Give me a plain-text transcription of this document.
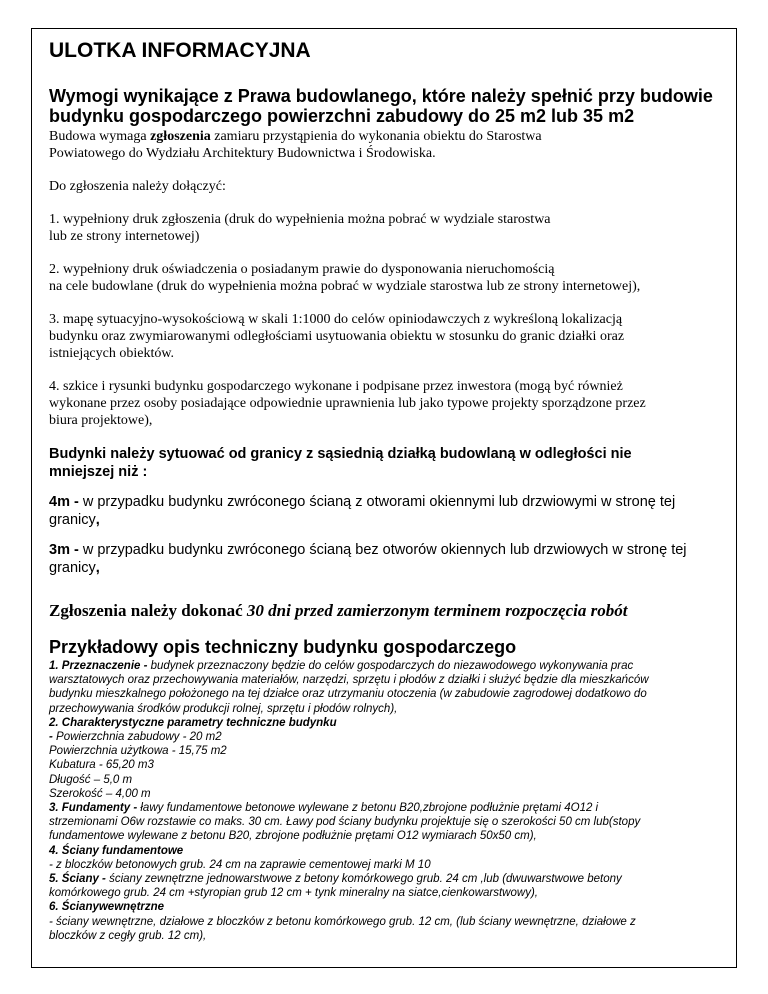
ULOTKA INFORMACYJNA
Wymogi wynikające z Prawa budowlanego, które należy spełnić przy budowie budynku gospodarczego powierzchni zabudowy do 25 m2 lub 35 m2

Budowa wymaga zgłoszenia zamiaru przystąpienia do wykonania obiektu do Starostwa
Powiatowego do Wydziału Architektury Budownictwa i Środowiska.

Do zgłoszenia należy dołączyć:

1. wypełniony druk zgłoszenia (druk do wypełnienia można pobrać w wydziale starostwa
lub ze strony internetowej)

2. wypełniony druk oświadczenia o posiadanym prawie do dysponowania nieruchomością
na cele budowlane (druk do wypełnienia można pobrać w wydziale starostwa lub ze strony internetowej),

3. mapę sytuacyjno-wysokościową w skali 1:1000 do celów opiniodawczych z wykreśloną lokalizacją
budynku oraz zwymiarowanymi odległościami usytuowania obiektu w stosunku do granic działki oraz
istniejących obiektów.

4. szkice i rysunki budynku gospodarczego wykonane i podpisane przez inwestora (mogą być również
wykonane przez osoby posiadające odpowiednie uprawnienia lub jako typowe projekty sporządzone przez
biura projektowe),

Budynki należy sytuować od granicy z sąsiednią działką budowlaną w odległości nie
mniejszej niż :

4m - w przypadku budynku zwróconego ścianą z otworami okiennymi lub drzwiowymi w stronę tej
granicy,

3m - w przypadku budynku zwróconego ścianą bez otworów okiennych lub drzwiowych w stronę tej
granicy,

Zgłoszenia należy dokonać 30 dni przed zamierzonym terminem rozpoczęcia robót

Przykładowy opis techniczny budynku gospodarczego
1. Przeznaczenie - budynek przeznaczony będzie do celów gospodarczych do niezawodowego wykonywania prac
warsztatowych oraz przechowywania materiałów, narzędzi, sprzętu i płodów z działki i służyć będzie dla mieszkańców
budynku mieszkalnego położonego na tej działce oraz utrzymaniu otoczenia (w zabudowie zagrodowej dodatkowo do
przechowywania środków produkcji rolnej, sprzętu i płodów rolnych),
2. Charakterystyczne parametry techniczne budynku
- Powierzchnia zabudowy - 20 m2
Powierzchnia użytkowa - 15,75 m2
Kubatura - 65,20 m3
Długość – 5,0 m
Szerokość – 4,00 m
3. Fundamenty - ławy fundamentowe betonowe wylewane z betonu B20,zbrojone podłużnie prętami 4O12 i
strzemionami O6w rozstawie co maks. 30 cm. Ławy pod ściany budynku projektuje się o szerokości 50 cm lub(stopy
fundamentowe wylewane z betonu B20, zbrojone podłużnie prętami O12 wymiarach 50x50 cm),
4. Ściany fundamentowe
- z bloczków betonowych grub. 24 cm na zaprawie cementowej marki M 10
5. Ściany - ściany zewnętrzne jednowarstwowe z betony komórkowego grub. 24 cm ,lub (dwuwarstwowe betony
komórkowego grub. 24 cm +styropian grub 12 cm + tynk mineralny na siatce,cienkowarstwowy),
6. Ścianywewnętrzne
- ściany wewnętrzne, działowe z bloczków z betonu komórkowego grub. 12 cm, (lub ściany wewnętrzne, działowe z
bloczków z cegły grub. 12 cm),
